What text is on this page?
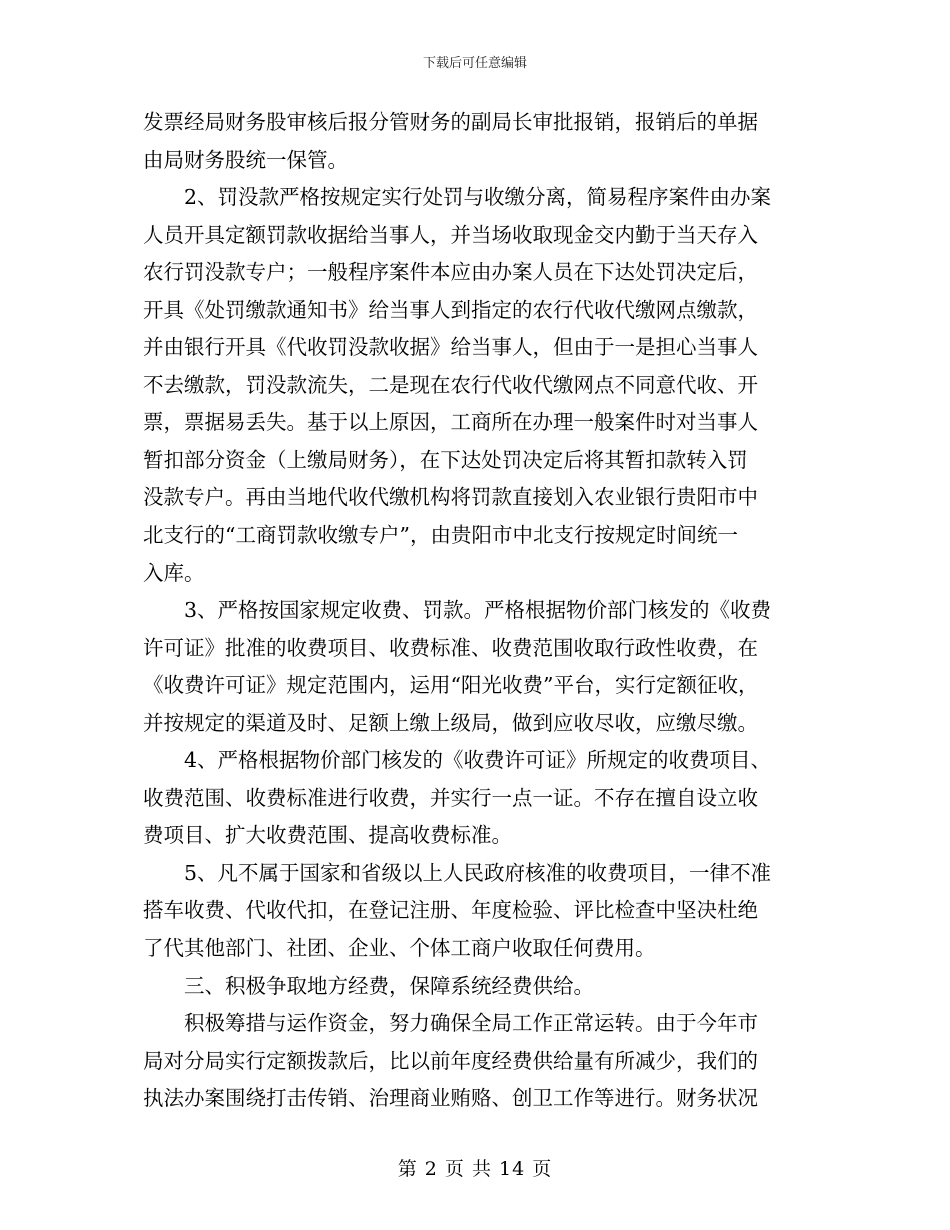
下载后可任意编辑
发票经局财务股审核后报分管财务的副局长审批报销，报销后的单据
由局财务股统一保管。
2、罚没款严格按规定实行处罚与收缴分离，简易程序案件由办案
人员开具定额罚款收据给当事人，并当场收取现金交内勤于当天存入
农行罚没款专户；一般程序案件本应由办案人员在下达处罚决定后，
开具《处罚缴款通知书》给当事人到指定的农行代收代缴网点缴款，
并由银行开具《代收罚没款收据》给当事人，但由于一是担心当事人
不去缴款，罚没款流失，二是现在农行代收代缴网点不同意代收、开
票，票据易丢失。基于以上原因，工商所在办理一般案件时对当事人
暂扣部分资金（上缴局财务），在下达处罚决定后将其暂扣款转入罚
没款专户。再由当地代收代缴机构将罚款直接划入农业银行贵阳市中
北支行的“工商罚款收缴专户”，由贵阳市中北支行按规定时间统一
入库。
3、严格按国家规定收费、罚款。严格根据物价部门核发的《收费
许可证》批准的收费项目、收费标准、收费范围收取行政性收费，在
《收费许可证》规定范围内，运用“阳光收费”平台，实行定额征收，
并按规定的渠道及时、足额上缴上级局，做到应收尽收，应缴尽缴。
4、严格根据物价部门核发的《收费许可证》所规定的收费项目、
收费范围、收费标准进行收费，并实行一点一证。不存在擅自设立收
费项目、扩大收费范围、提高收费标准。
5、凡不属于国家和省级以上人民政府核准的收费项目，一律不准
搭车收费、代收代扣，在登记注册、年度检验、评比检查中坚决杜绝
了代其他部门、社团、企业、个体工商户收取任何费用。
三、积极争取地方经费，保障系统经费供给。
积极筹措与运作资金，努力确保全局工作正常运转。由于今年市
局对分局实行定额拨款后，比以前年度经费供给量有所减少，我们的
执法办案围绕打击传销、治理商业贿赂、创卫工作等进行。财务状况
第 2 页 共 14 页
